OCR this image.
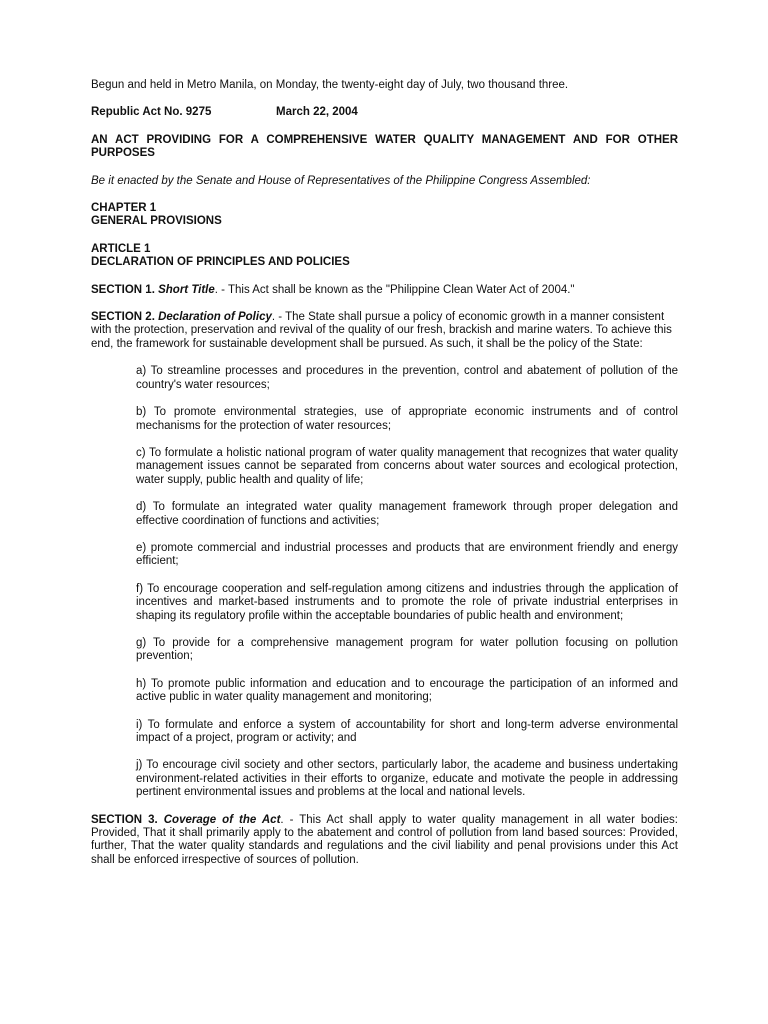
Begun and held in Metro Manila, on Monday, the twenty-eight day of July, two thousand three.

Republic Act No. 9275	March 22, 2004

AN ACT PROVIDING FOR A COMPREHENSIVE WATER QUALITY MANAGEMENT AND FOR OTHER PURPOSES

Be it enacted by the Senate and House of Representatives of the Philippine Congress Assembled:

CHAPTER 1
GENERAL PROVISIONS
ARTICLE 1
DECLARATION OF PRINCIPLES AND POLICIES

SECTION 1. Short Title. - This Act shall be known as the "Philippine Clean Water Act of 2004."

SECTION 2. Declaration of Policy. - The State shall pursue a policy of economic growth in a manner consistent with the protection, preservation and revival of the quality of our fresh, brackish and marine waters. To achieve this end, the framework for sustainable development shall be pursued. As such, it shall be the policy of the State:

a) To streamline processes and procedures in the prevention, control and abatement of pollution of the country's water resources;

b) To promote environmental strategies, use of appropriate economic instruments and of control mechanisms for the protection of water resources;

c) To formulate a holistic national program of water quality management that recognizes that water quality management issues cannot be separated from concerns about water sources and ecological protection, water supply, public health and quality of life;

d) To formulate an integrated water quality management framework through proper delegation and effective coordination of functions and activities;

e) promote commercial and industrial processes and products that are environment friendly and energy efficient;

f) To encourage cooperation and self-regulation among citizens and industries through the application of incentives and market-based instruments and to promote the role of private industrial enterprises in shaping its regulatory profile within the acceptable boundaries of public health and environment;

g) To provide for a comprehensive management program for water pollution focusing on pollution prevention;

h) To promote public information and education and to encourage the participation of an informed and active public in water quality management and monitoring;

i) To formulate and enforce a system of accountability for short and long-term adverse environmental impact of a project, program or activity; and

j) To encourage civil society and other sectors, particularly labor, the academe and business undertaking environment-related activities in their efforts to organize, educate and motivate the people in addressing pertinent environmental issues and problems at the local and national levels.

SECTION 3. Coverage of the Act. - This Act shall apply to water quality management in all water bodies: Provided, That it shall primarily apply to the abatement and control of pollution from land based sources: Provided, further, That the water quality standards and regulations and the civil liability and penal provisions under this Act shall be enforced irrespective of sources of pollution.
